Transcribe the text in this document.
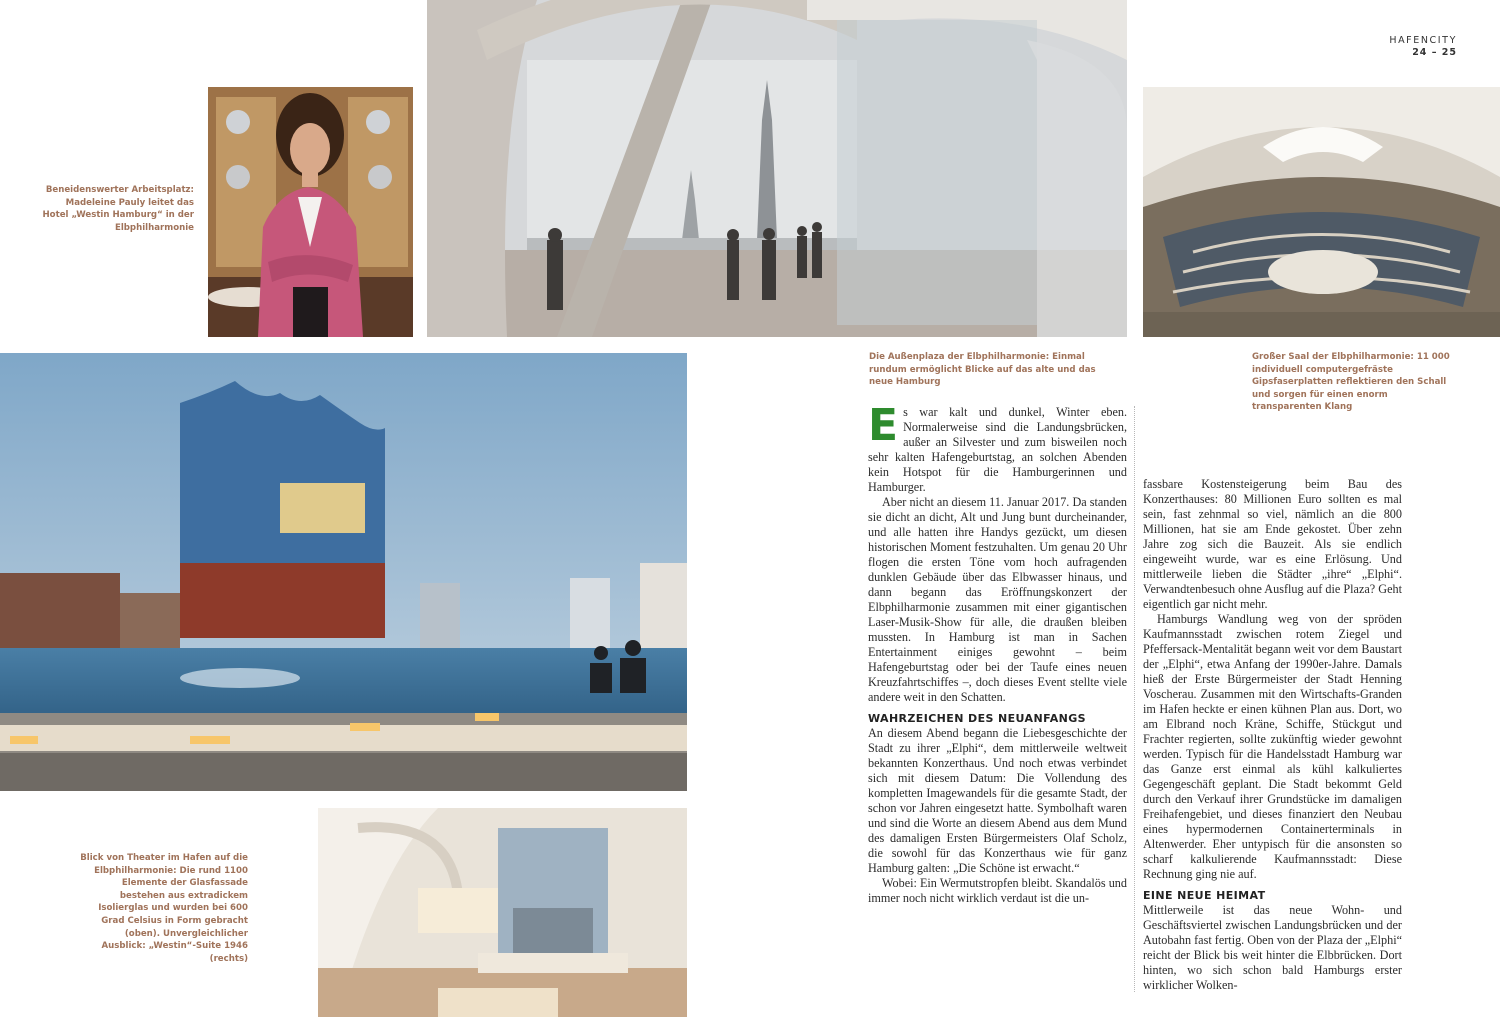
HAFENCITY
24 – 25
Beneidenswerter Arbeitsplatz: Madeleine Pauly leitet das Hotel „Westin Hamburg“ in der Elbphilharmonie
Die Außenplaza der Elbphilharmonie: Einmal rundum ermöglicht Blicke auf das alte und das neue Hamburg
Großer Saal der Elbphilharmonie: 11 000 individuell computergefräste Gipsfaserplatten reflektieren den Schall und sorgen für einen enorm transparenten Klang
Blick von Theater im Hafen auf die Elbphilharmonie: Die rund 1100 Elemente der Glasfassade bestehen aus extradickem Isolierglas und wurden bei 600 Grad Celsius in Form gebracht (oben). Unvergleichlicher Ausblick: „Westin“-Suite 1946 (rechts)

Es war kalt und dunkel, Winter eben. Normalerweise sind die Landungsbrücken, außer an Silvester und zum bisweilen noch sehr kalten Hafengeburtstag, an solchen Abenden kein Hotspot für die Hamburgerinnen und Hamburger.

Aber nicht an diesem 11. Januar 2017. Da standen sie dicht an dicht, Alt und Jung bunt durcheinander, und alle hatten ihre Handys gezückt, um diesen historischen Moment festzuhalten. Um genau 20 Uhr flogen die ersten Töne vom hoch aufragenden dunklen Gebäude über das Elbwasser hinaus, und dann begann das Eröffnungskonzert der Elbphilharmonie zusammen mit einer gigantischen Laser-Musik-Show für alle, die draußen bleiben mussten. In Hamburg ist man in Sachen Entertainment einiges gewohnt – beim Hafengeburtstag oder bei der Taufe eines neuen Kreuzfahrtschiffes –, doch dieses Event stellte viele andere weit in den Schatten.

WAHRZEICHEN DES NEUANFANGS

An diesem Abend begann die Liebesgeschichte der Stadt zu ihrer „Elphi“, dem mittlerweile weltweit bekannten Konzerthaus. Und noch etwas verbindet sich mit diesem Datum: Die Vollendung des kompletten Imagewandels für die gesamte Stadt, der schon vor Jahren eingesetzt hatte. Symbolhaft waren und sind die Worte an diesem Abend aus dem Mund des damaligen Ersten Bürgermeisters Olaf Scholz, die sowohl für das Konzerthaus wie für ganz Hamburg galten: „Die Schöne ist erwacht.“

Wobei: Ein Wermutstropfen bleibt. Skandalös und immer noch nicht wirklich verdaut ist die un-

fassbare Kostensteigerung beim Bau des Konzerthauses: 80 Millionen Euro sollten es mal sein, fast zehnmal so viel, nämlich an die 800 Millionen, hat sie am Ende gekostet. Über zehn Jahre zog sich die Bauzeit. Als sie endlich eingeweiht wurde, war es eine Erlösung. Und mittlerweile lieben die Städter „ihre“ „Elphi“. Verwandtenbesuch ohne Ausflug auf die Plaza? Geht eigentlich gar nicht mehr.

Hamburgs Wandlung weg von der spröden Kaufmannsstadt zwischen rotem Ziegel und Pfeffersack-Mentalität begann weit vor dem Baustart der „Elphi“, etwa Anfang der 1990er-Jahre. Damals hieß der Erste Bürgermeister der Stadt Henning Voscherau. Zusammen mit den Wirtschafts-Granden im Hafen heckte er einen kühnen Plan aus. Dort, wo am Elbrand noch Kräne, Schiffe, Stückgut und Frachter regierten, sollte zukünftig wieder gewohnt werden. Typisch für die Handelsstadt Hamburg war das Ganze erst einmal als kühl kalkuliertes Gegengeschäft geplant. Die Stadt bekommt Geld durch den Verkauf ihrer Grundstücke im damaligen Freihafengebiet, und dieses finanziert den Neubau eines hypermodernen Containerterminals in Altenwerder. Eher untypisch für die ansonsten so scharf kalkulierende Kaufmannsstadt: Diese Rechnung ging nie auf.

EINE NEUE HEIMAT

Mittlerweile ist das neue Wohn- und Geschäftsviertel zwischen Landungsbrücken und der Autobahn fast fertig. Oben von der Plaza der „Elphi“ reicht der Blick bis weit hinter die Elbbrücken. Dort hinten, wo sich schon bald Hamburgs erster wirklicher Wolken-
